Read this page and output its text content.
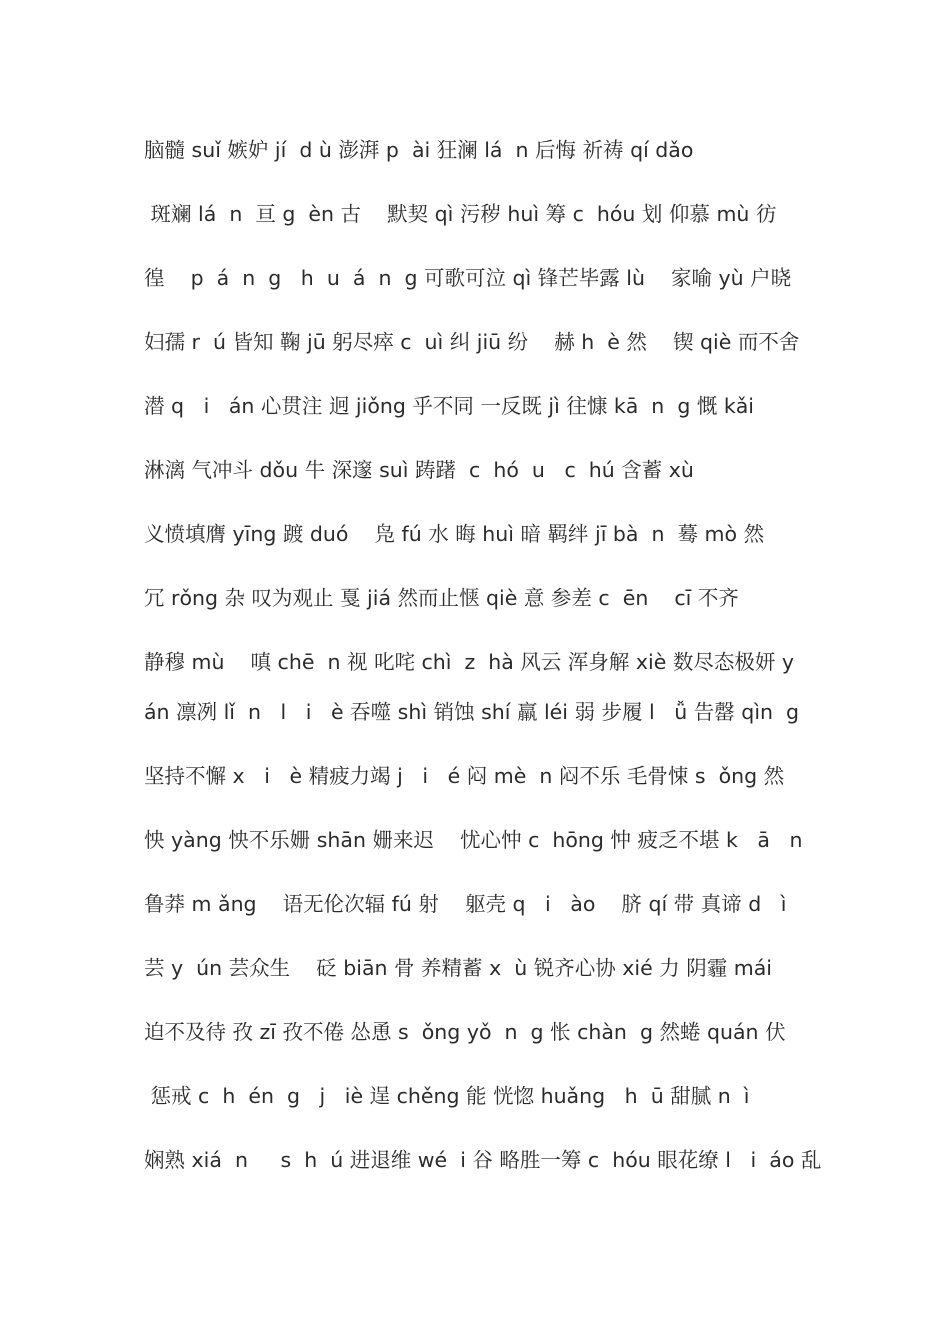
脑髓 suǐ 嫉妒 jí  d ù 澎湃 p  ài 狂澜 lá  n 后悔 祈祷 qí dǎo
斑斓 lá  n  亘 g  èn 古    默契 qì 污秽 huì 筹 c  hóu 划 仰慕 mù 彷
徨    p  á  n  g   h  u  á  n  g 可歌可泣 qì 锋芒毕露 lù    家喻 yù 户晓
妇孺 r  ú 皆知 鞠 jū 躬尽瘁 c  uì 纠 jiū 纷    赫 h  è 然    锲 qiè 而不舍
潜 q   i   án 心贯注 迥 jiǒng 乎不同 一反既 jì 往慷 kā  n  g 慨 kǎi
淋漓 气冲斗 dǒu 牛 深邃 suì 踌躇  c  hó  u   c  hú 含蓄 xù
义愤填膺 yīng 踱 duó    凫 fú 水 晦 huì 暗 羁绊 jī bà  n  蓦 mò 然
冗 rǒng 杂 叹为观止 戛 jiá 然而止惬 qiè 意 参差 c  ēn    cī 不齐
静穆 mù    嗔 chē  n 视 叱咤 chì  z  hà 风云 浑身解 xiè 数尽态极妍 y
án 凛冽 lǐ  n   l   i   è 吞噬 shì 销蚀 shí 羸 léi 弱 步履 l   ǚ 告罄 qìn  g
坚持不懈 x   i   è 精疲力竭 j   i   é 闷 mè  n 闷不乐 毛骨悚 s  ǒng 然
怏 yàng 怏不乐姗 shān 姗来迟    忧心忡 c  hōng 忡 疲乏不堪 k   ā   n
鲁莽 m ǎng    语无伦次辐 fú 射    躯壳 q   i   ào    脐 qí 带 真谛 d   ì
芸 y  ún 芸众生    砭 biān 骨 养精蓄 x  ù 锐齐心协 xié 力 阴霾 mái
迫不及待 孜 zī 孜不倦 怂恿 s  ǒng yǒ  n  g 怅 chàn  g 然蜷 quán 伏
惩戒 c  h  én  g   j   iè 逞 chěng 能 恍惚 huǎng   h  ū 甜腻 n  ì
娴熟 xiá  n     s  h  ú 进退维 wé  i 谷 略胜一筹 c  hóu 眼花缭 l   i  áo 乱
